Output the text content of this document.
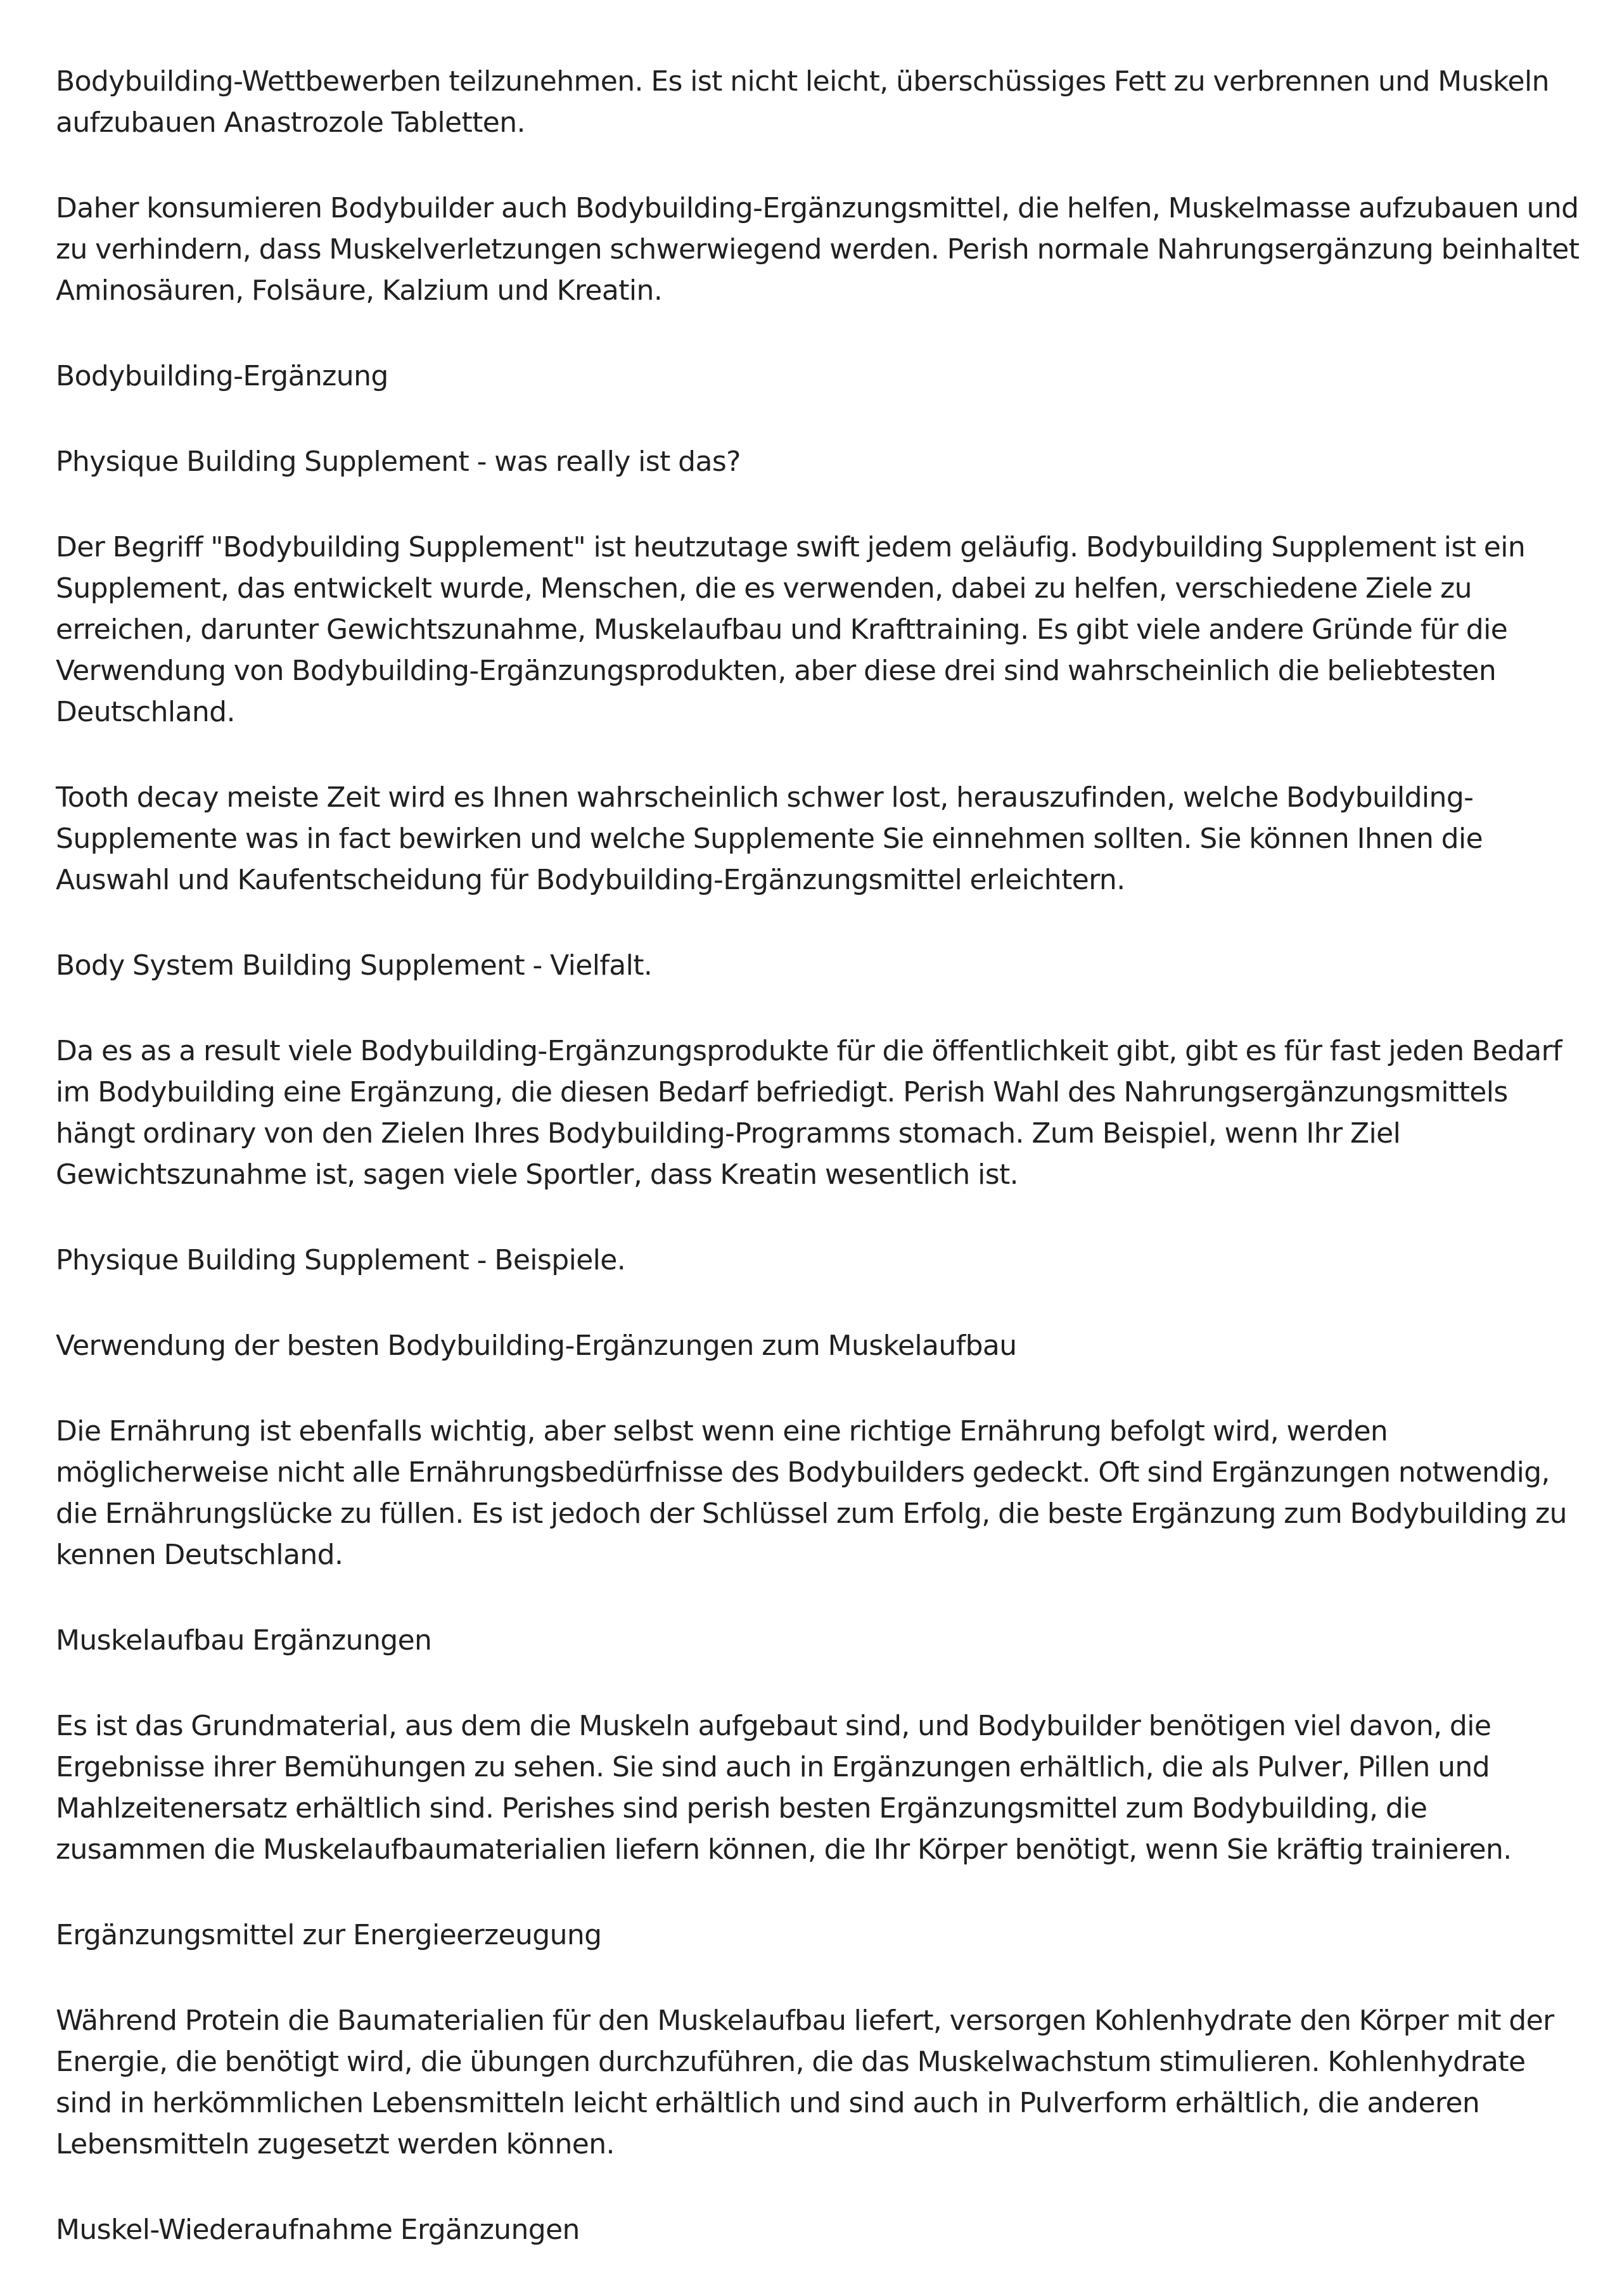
Bodybuilding-Wettbewerben teilzunehmen. Es ist nicht leicht, überschüssiges Fett zu verbrennen und Muskeln aufzubauen Anastrozole Tabletten.

Daher konsumieren Bodybuilder auch Bodybuilding-Ergänzungsmittel, die helfen, Muskelmasse aufzubauen und zu verhindern, dass Muskelverletzungen schwerwiegend werden. Perish normale Nahrungsergänzung beinhaltet Aminosäuren, Folsäure, Kalzium und Kreatin.

Bodybuilding-Ergänzung

Physique Building Supplement - was really ist das?

Der Begriff "Bodybuilding Supplement" ist heutzutage swift jedem geläufig. Bodybuilding Supplement ist ein Supplement, das entwickelt wurde, Menschen, die es verwenden, dabei zu helfen, verschiedene Ziele zu erreichen, darunter Gewichtszunahme, Muskelaufbau und Krafttraining. Es gibt viele andere Gründe für die Verwendung von Bodybuilding-Ergänzungsprodukten, aber diese drei sind wahrscheinlich die beliebtesten Deutschland.

Tooth decay meiste Zeit wird es Ihnen wahrscheinlich schwer lost, herauszufinden, welche Bodybuilding-Supplemente was in fact bewirken und welche Supplemente Sie einnehmen sollten. Sie können Ihnen die Auswahl und Kaufentscheidung für Bodybuilding-Ergänzungsmittel erleichtern.

Body System Building Supplement - Vielfalt.

Da es as a result viele Bodybuilding-Ergänzungsprodukte für die öffentlichkeit gibt, gibt es für fast jeden Bedarf im Bodybuilding eine Ergänzung, die diesen Bedarf befriedigt. Perish Wahl des Nahrungsergänzungsmittels hängt ordinary von den Zielen Ihres Bodybuilding-Programms stomach. Zum Beispiel, wenn Ihr Ziel Gewichtszunahme ist, sagen viele Sportler, dass Kreatin wesentlich ist.

Physique Building Supplement - Beispiele.

Verwendung der besten Bodybuilding-Ergänzungen zum Muskelaufbau

Die Ernährung ist ebenfalls wichtig, aber selbst wenn eine richtige Ernährung befolgt wird, werden möglicherweise nicht alle Ernährungsbedürfnisse des Bodybuilders gedeckt. Oft sind Ergänzungen notwendig, die Ernährungslücke zu füllen. Es ist jedoch der Schlüssel zum Erfolg, die beste Ergänzung zum Bodybuilding zu kennen Deutschland.

Muskelaufbau Ergänzungen

Es ist das Grundmaterial, aus dem die Muskeln aufgebaut sind, und Bodybuilder benötigen viel davon, die Ergebnisse ihrer Bemühungen zu sehen. Sie sind auch in Ergänzungen erhältlich, die als Pulver, Pillen und Mahlzeitenersatz erhältlich sind. Perishes sind perish besten Ergänzungsmittel zum Bodybuilding, die zusammen die Muskelaufbaumaterialien liefern können, die Ihr Körper benötigt, wenn Sie kräftig trainieren.

Ergänzungsmittel zur Energieerzeugung

Während Protein die Baumaterialien für den Muskelaufbau liefert, versorgen Kohlenhydrate den Körper mit der Energie, die benötigt wird, die übungen durchzuführen, die das Muskelwachstum stimulieren. Kohlenhydrate sind in herkömmlichen Lebensmitteln leicht erhältlich und sind auch in Pulverform erhältlich, die anderen Lebensmitteln zugesetzt werden können.

Muskel-Wiederaufnahme Ergänzungen
